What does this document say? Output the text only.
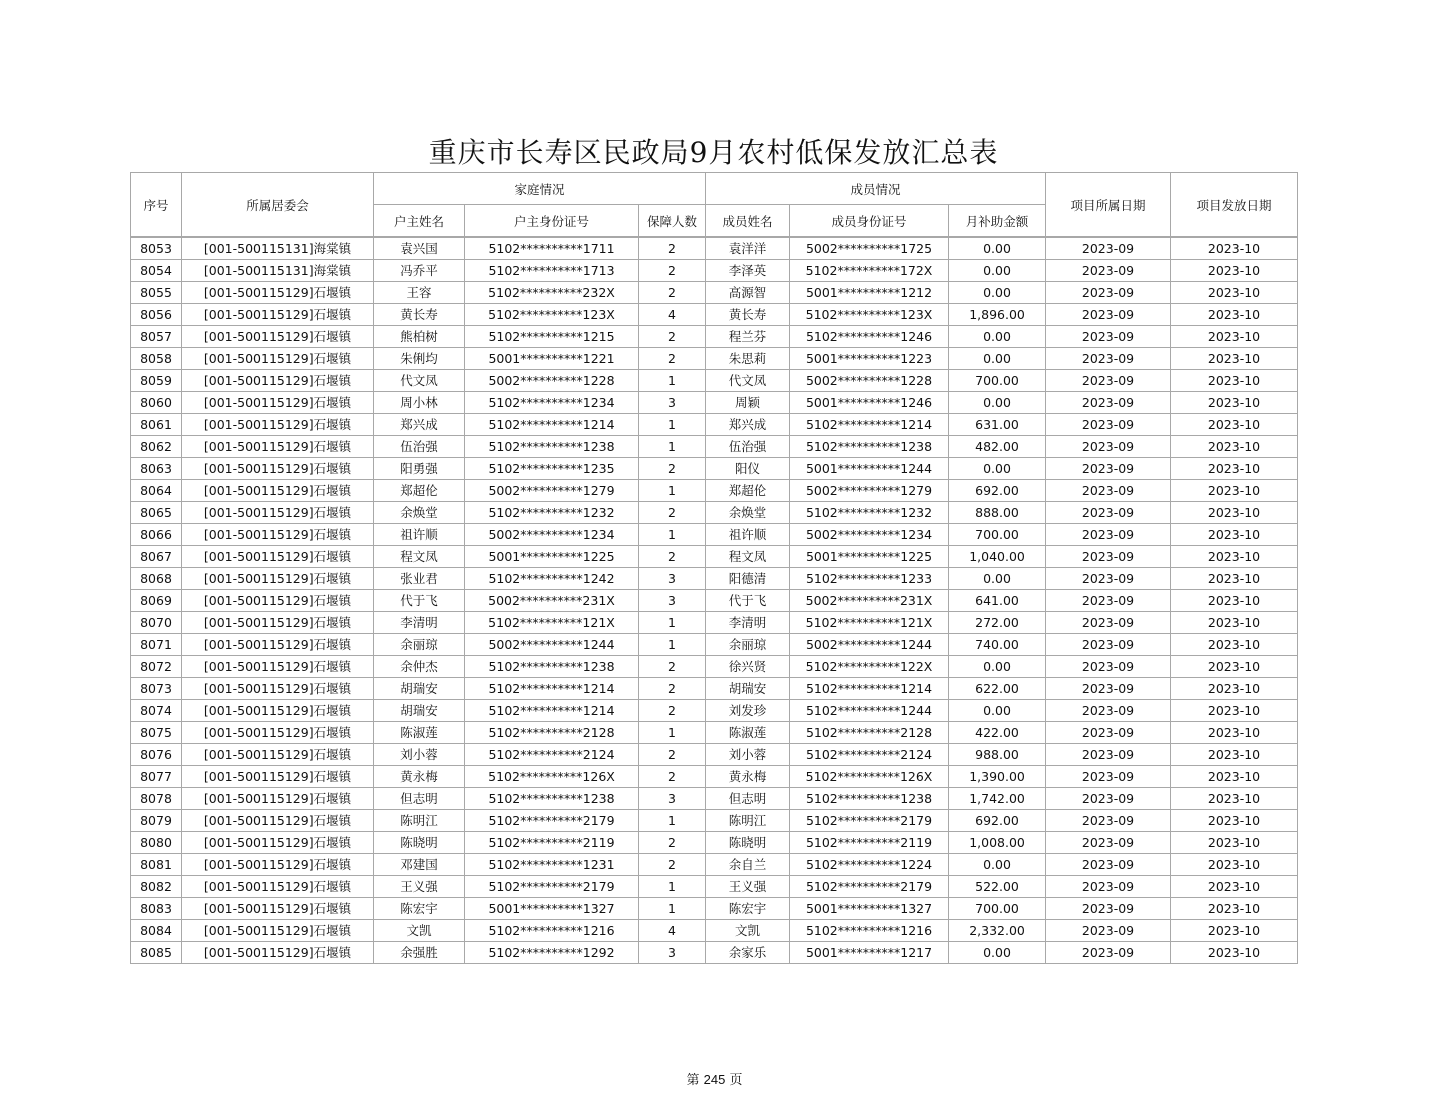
重庆市长寿区民政局9月农村低保发放汇总表
序号	所属居委会	家庭情况			成员情况			项目所属日期	项目发放日期
		户主姓名	户主身份证号	保障人数	成员姓名	成员身份证号	月补助金额		
8053	[001-500115131]海棠镇	袁兴国	5102**********1711	2	袁洋洋	5002**********1725	0.00	2023-09	2023-10
8054	[001-500115131]海棠镇	冯乔平	5102**********1713	2	李泽英	5102**********172X	0.00	2023-09	2023-10
8055	[001-500115129]石堰镇	王容	5102**********232X	2	高源智	5001**********1212	0.00	2023-09	2023-10
8056	[001-500115129]石堰镇	黄长寿	5102**********123X	4	黄长寿	5102**********123X	1,896.00	2023-09	2023-10
8057	[001-500115129]石堰镇	熊柏树	5102**********1215	2	程兰芬	5102**********1246	0.00	2023-09	2023-10
8058	[001-500115129]石堰镇	朱俐均	5001**********1221	2	朱思莉	5001**********1223	0.00	2023-09	2023-10
8059	[001-500115129]石堰镇	代文凤	5002**********1228	1	代文凤	5002**********1228	700.00	2023-09	2023-10
8060	[001-500115129]石堰镇	周小林	5102**********1234	3	周颖	5001**********1246	0.00	2023-09	2023-10
8061	[001-500115129]石堰镇	郑兴成	5102**********1214	1	郑兴成	5102**********1214	631.00	2023-09	2023-10
8062	[001-500115129]石堰镇	伍治强	5102**********1238	1	伍治强	5102**********1238	482.00	2023-09	2023-10
8063	[001-500115129]石堰镇	阳勇强	5102**********1235	2	阳仪	5001**********1244	0.00	2023-09	2023-10
8064	[001-500115129]石堰镇	郑超伦	5002**********1279	1	郑超伦	5002**********1279	692.00	2023-09	2023-10
8065	[001-500115129]石堰镇	余焕堂	5102**********1232	2	余焕堂	5102**********1232	888.00	2023-09	2023-10
8066	[001-500115129]石堰镇	祖许顺	5002**********1234	1	祖许顺	5002**********1234	700.00	2023-09	2023-10
8067	[001-500115129]石堰镇	程文凤	5001**********1225	2	程文凤	5001**********1225	1,040.00	2023-09	2023-10
8068	[001-500115129]石堰镇	张业君	5102**********1242	3	阳德清	5102**********1233	0.00	2023-09	2023-10
8069	[001-500115129]石堰镇	代于飞	5002**********231X	3	代于飞	5002**********231X	641.00	2023-09	2023-10
8070	[001-500115129]石堰镇	李清明	5102**********121X	1	李清明	5102**********121X	272.00	2023-09	2023-10
8071	[001-500115129]石堰镇	余丽琼	5002**********1244	1	余丽琼	5002**********1244	740.00	2023-09	2023-10
8072	[001-500115129]石堰镇	余仲杰	5102**********1238	2	徐兴贤	5102**********122X	0.00	2023-09	2023-10
8073	[001-500115129]石堰镇	胡瑞安	5102**********1214	2	胡瑞安	5102**********1214	622.00	2023-09	2023-10
8074	[001-500115129]石堰镇	胡瑞安	5102**********1214	2	刘发珍	5102**********1244	0.00	2023-09	2023-10
8075	[001-500115129]石堰镇	陈淑莲	5102**********2128	1	陈淑莲	5102**********2128	422.00	2023-09	2023-10
8076	[001-500115129]石堰镇	刘小蓉	5102**********2124	2	刘小蓉	5102**********2124	988.00	2023-09	2023-10
8077	[001-500115129]石堰镇	黄永梅	5102**********126X	2	黄永梅	5102**********126X	1,390.00	2023-09	2023-10
8078	[001-500115129]石堰镇	但志明	5102**********1238	3	但志明	5102**********1238	1,742.00	2023-09	2023-10
8079	[001-500115129]石堰镇	陈明江	5102**********2179	1	陈明江	5102**********2179	692.00	2023-09	2023-10
8080	[001-500115129]石堰镇	陈晓明	5102**********2119	2	陈晓明	5102**********2119	1,008.00	2023-09	2023-10
8081	[001-500115129]石堰镇	邓建国	5102**********1231	2	余自兰	5102**********1224	0.00	2023-09	2023-10
8082	[001-500115129]石堰镇	王义强	5102**********2179	1	王义强	5102**********2179	522.00	2023-09	2023-10
8083	[001-500115129]石堰镇	陈宏宇	5001**********1327	1	陈宏宇	5001**********1327	700.00	2023-09	2023-10
8084	[001-500115129]石堰镇	文凯	5102**********1216	4	文凯	5102**********1216	2,332.00	2023-09	2023-10
8085	[001-500115129]石堰镇	余强胜	5102**********1292	3	余家乐	5001**********1217	0.00	2023-09	2023-10
第 245 页
